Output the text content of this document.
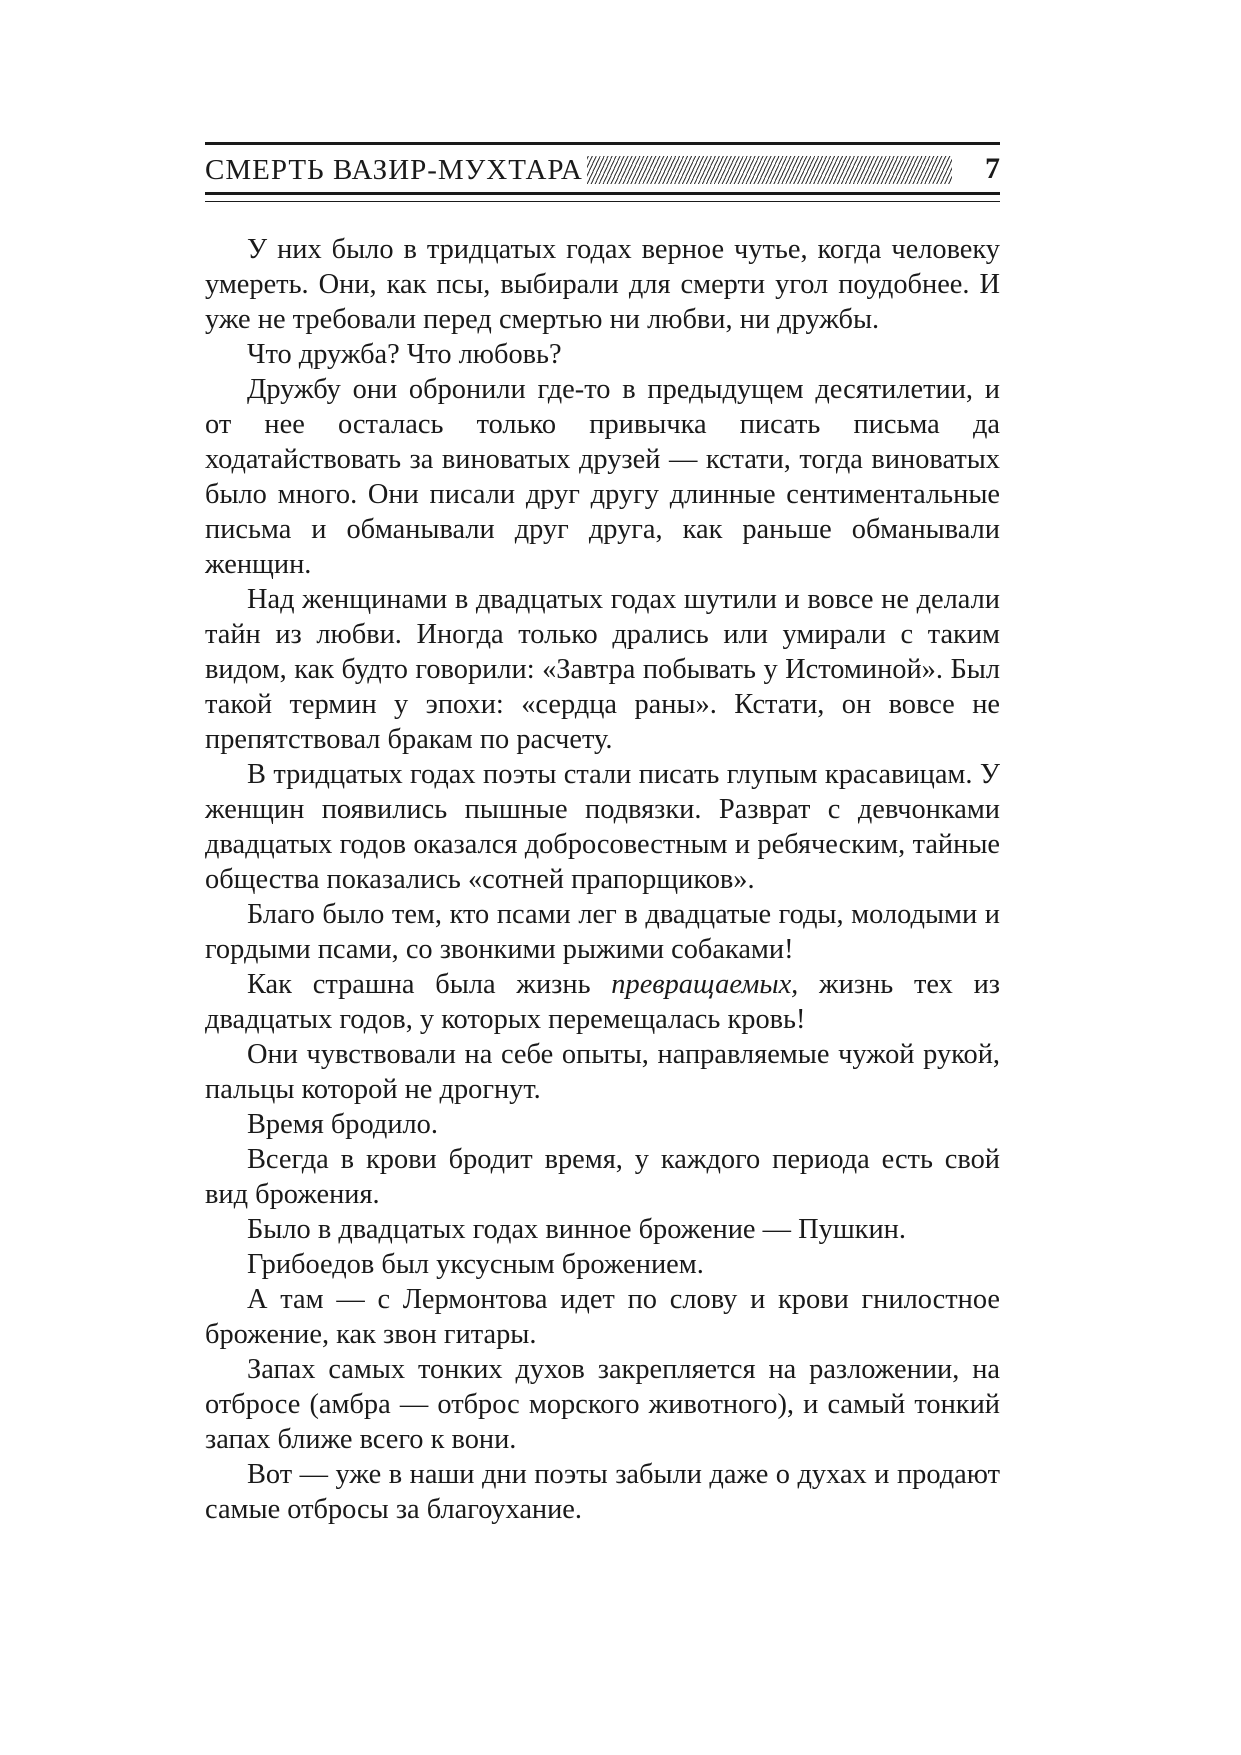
СМЕРТЬ ВАЗИР-МУХТАРА	7

У них было в тридцатых годах верное чутье, когда человеку умереть. Они, как псы, выбирали для смерти угол поудобнее. И уже не требовали перед смертью ни любви, ни дружбы.

Что дружба? Что любовь?

Дружбу они обронили где-то в предыдущем десятилетии, и от нее осталась только привычка писать письма да ходатайствовать за виноватых друзей — кстати, тогда виноватых было много. Они писали друг другу длинные сентиментальные письма и обманывали друг друга, как раньше обманывали женщин.

Над женщинами в двадцатых годах шутили и вовсе не делали тайн из любви. Иногда только дрались или умирали с таким видом, как будто говорили: «Завтра побывать у Истоминой». Был такой термин у эпохи: «сердца раны». Кстати, он вовсе не препятствовал бракам по расчету.

В тридцатых годах поэты стали писать глупым красавицам. У женщин появились пышные подвязки. Разврат с девчонками двадцатых годов оказался добросовестным и ребяческим, тайные общества показались «сотней прапорщиков».

Благо было тем, кто псами лег в двадцатые годы, молодыми и гордыми псами, со звонкими рыжими собаками!

Как страшна была жизнь превращаемых, жизнь тех из двадцатых годов, у которых перемещалась кровь!

Они чувствовали на себе опыты, направляемые чужой рукой, пальцы которой не дрогнут.

Время бродило.

Всегда в крови бродит время, у каждого периода есть свой вид брожения.

Было в двадцатых годах винное брожение — Пушкин.

Грибоедов был уксусным брожением.

А там — с Лермонтова идет по слову и крови гнилостное брожение, как звон гитары.

Запах самых тонких духов закрепляется на разложении, на отбросе (амбра — отброс морского животного), и самый тонкий запах ближе всего к вони.

Вот — уже в наши дни поэты забыли даже о духах и продают самые отбросы за благоухание.
